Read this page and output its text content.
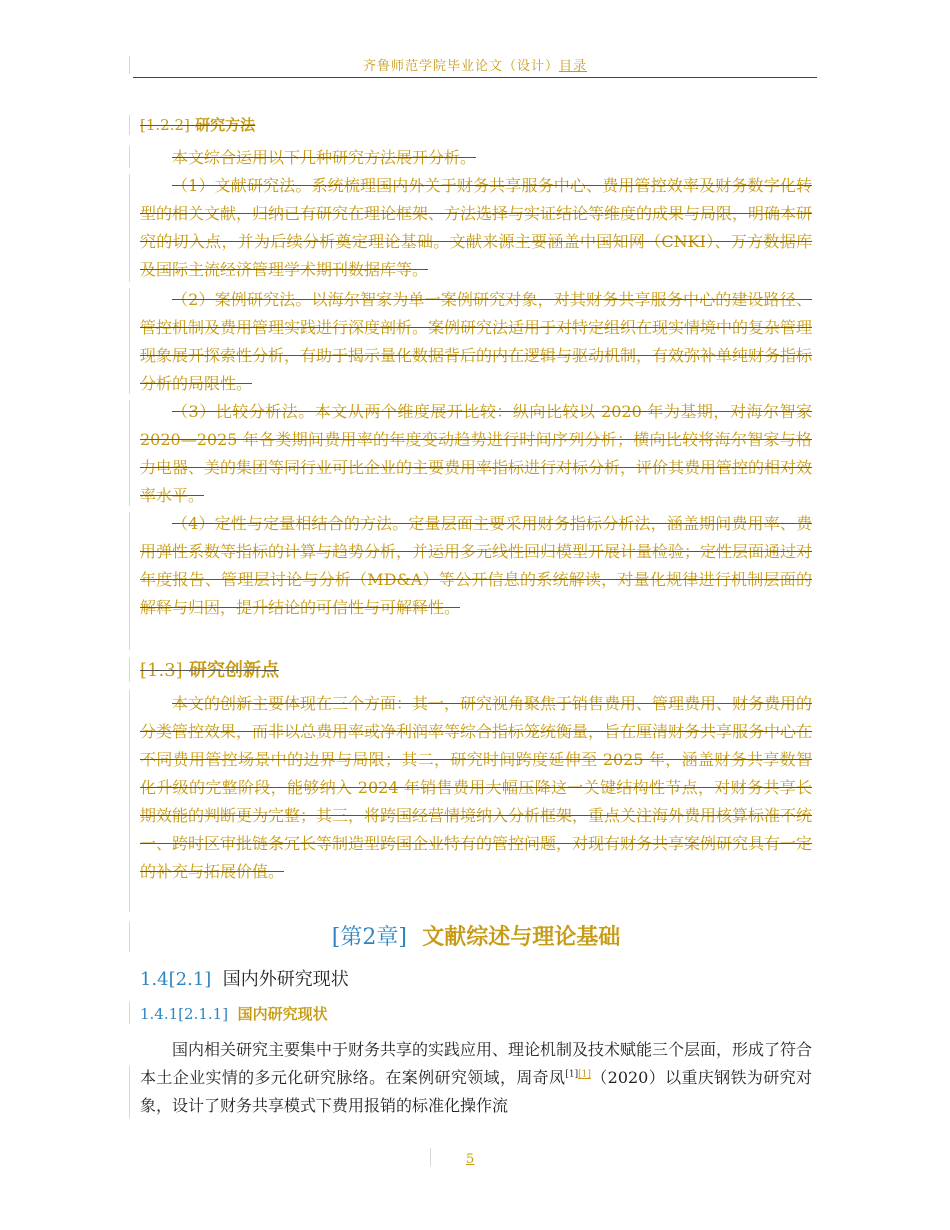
齐鲁师范学院毕业论文（设计）目录
[1.2.2] 研究方法
本文综合运用以下几种研究方法展开分析。
（1）文献研究法。系统梳理国内外关于财务共享服务中心、费用管控效率及财务数字化转型的相关文献，归纳已有研究在理论框架、方法选择与实证结论等维度的成果与局限，明确本研究的切入点，并为后续分析奠定理论基础。文献来源主要涵盖中国知网（CNKI）、万方数据库及国际主流经济管理学术期刊数据库等。
（2）案例研究法。以海尔智家为单一案例研究对象，对其财务共享服务中心的建设路径、管控机制及费用管理实践进行深度剖析。案例研究法适用于对特定组织在现实情境中的复杂管理现象展开探索性分析，有助于揭示量化数据背后的内在逻辑与驱动机制，有效弥补单纯财务指标分析的局限性。
（3）比较分析法。本文从两个维度展开比较：纵向比较以 2020 年为基期，对海尔智家 2020—2025 年各类期间费用率的年度变动趋势进行时间序列分析；横向比较将海尔智家与格力电器、美的集团等同行业可比企业的主要费用率指标进行对标分析，评价其费用管控的相对效率水平。
（4）定性与定量相结合的方法。定量层面主要采用财务指标分析法，涵盖期间费用率、费用弹性系数等指标的计算与趋势分析，并运用多元线性回归模型开展计量检验；定性层面通过对年度报告、管理层讨论与分析（MD&A）等公开信息的系统解读，对量化规律进行机制层面的解释与归因，提升结论的可信性与可解释性。
[1.3] 研究创新点
本文的创新主要体现在三个方面：其一，研究视角聚焦于销售费用、管理费用、财务费用的分类管控效果，而非以总费用率或净利润率等综合指标笼统衡量，旨在厘清财务共享服务中心在不同费用管控场景中的边界与局限；其二，研究时间跨度延伸至 2025 年，涵盖财务共享数智化升级的完整阶段，能够纳入 2024 年销售费用大幅压降这一关键结构性节点，对财务共享长期效能的判断更为完整；其三，将跨国经营情境纳入分析框架，重点关注海外费用核算标准不统一、跨时区审批链条冗长等制造型跨国企业特有的管控问题，对现有财务共享案例研究具有一定的补充与拓展价值。
[第2章] 文献综述与理论基础
1.4[2.1] 国内外研究现状
1.4.1[2.1.1] 国内研究现状
国内相关研究主要集中于财务共享的实践应用、理论机制及技术赋能三个层面，形成了符合本土企业实情的多元化研究脉络。在案例研究领域，周奇凤[1][1]（2020）以重庆钢铁为研究对象，设计了财务共享模式下费用报销的标准化操作流
5
